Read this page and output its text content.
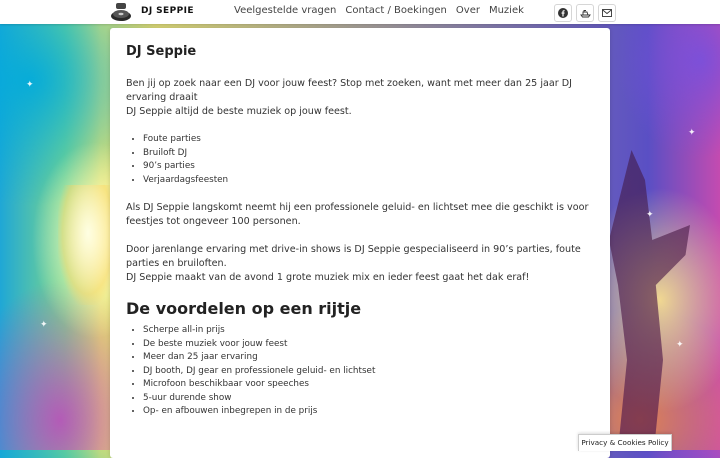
✦
✦
✦
✦
✦
DJ SEPPIE	Veelgestelde vragen Contact / Boekingen Over Muziek
DJ Seppie

Ben jij op zoek naar een DJ voor jouw feest? Stop met zoeken, want met meer dan 25 jaar DJ ervaring draait
DJ Seppie altijd de beste muziek op jouw feest.

• Foute parties
• Bruiloft DJ
• 90’s parties
• Verjaardagsfeesten

Als DJ Seppie langskomt neemt hij een professionele geluid- en lichtset mee die geschikt is voor feestjes tot ongeveer 100 personen.

Door jarenlange ervaring met drive-in shows is DJ Seppie gespecialiseerd in 90’s parties, foute parties en bruiloften.
DJ Seppie maakt van de avond 1 grote muziek mix en ieder feest gaat het dak eraf!

De voordelen op een rijtje
• Scherpe all-in prijs
• De beste muziek voor jouw feest
• Meer dan 25 jaar ervaring
• DJ booth, DJ gear en professionele geluid- en lichtset
• Microfoon beschikbaar voor speeches
• 5-uur durende show
• Op- en afbouwen inbegrepen in de prijs
Privacy & Cookies Policy
